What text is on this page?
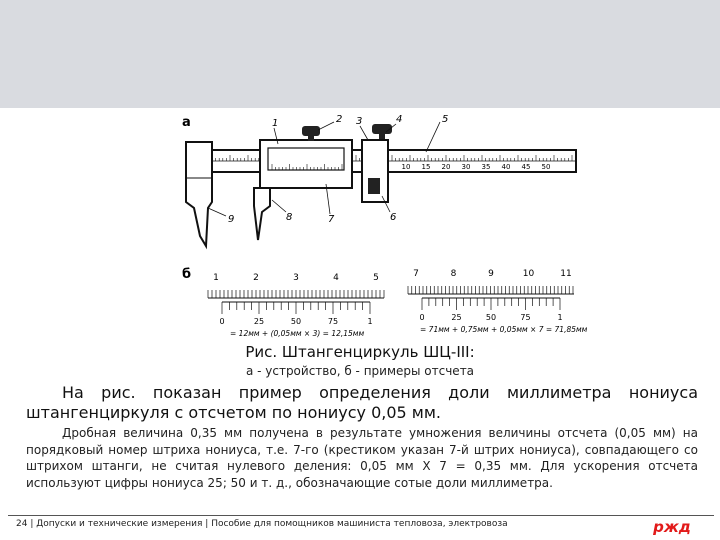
а
10 15 20 30 35 40 45 50
1	2 3	4	5
6
7
8
9
б 1	2	3	4	5
0	25	50	75	1
= 12мм + (0,05мм × 3) = 12,15мм
7	8	9	10	11
0	25	50	75	1
= 71мм + 0,75мм + 0,05мм × 7 = 71,85мм
Рис. Штангенциркуль ШЦ-III:
а - устройство, б - примеры отсчета
На рис. показан пример определения доли миллиметра нониуса штангенциркуля с отсчетом по нониусу 0,05 мм.
Дробная величина 0,35 мм получена в результате умножения величины отсчета (0,05 мм) на порядковый номер штриха нониуса, т.е. 7-го (крестиком указан 7-й штрих нониуса), совпадающего со штрихом штанги, не считая нулевого деления: 0,05 мм Х 7 = 0,35 мм. Для ускорения отсчета используют цифры нониуса 25; 50 и т. д., обозначающие сотые доли миллиметра.
24 | Допуски и технические измерения | Пособие для помощников машиниста тепловоза, электровоза	ржд
